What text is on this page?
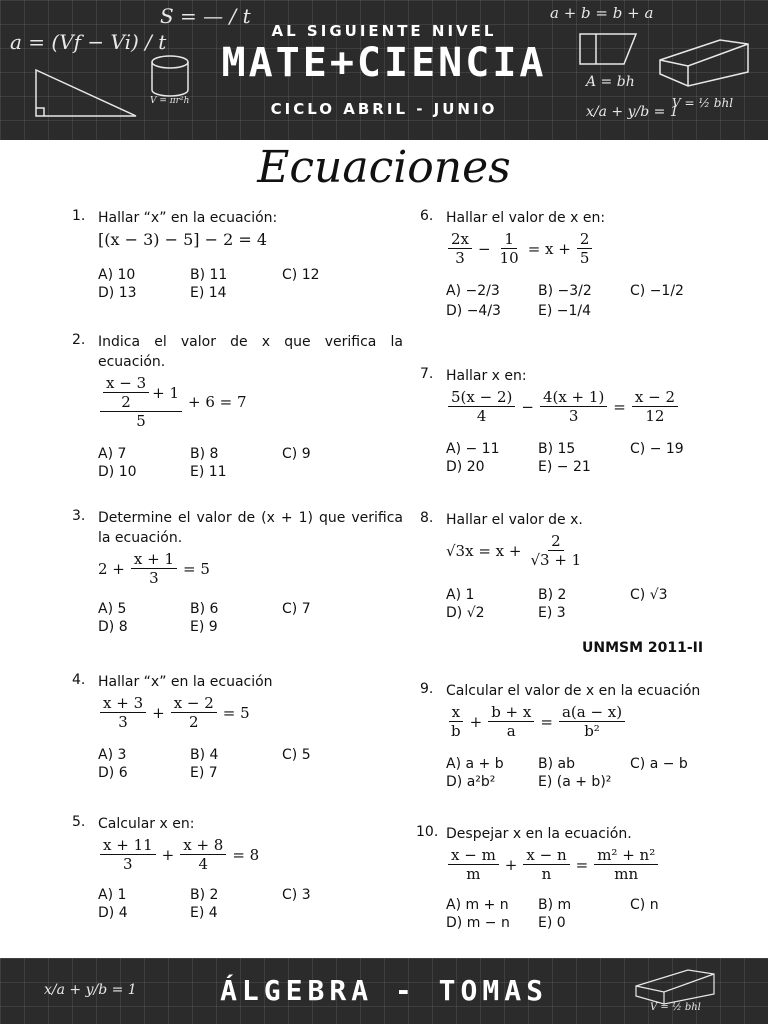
a = (Vf − Vi) / t
S = — / t	a + b = b + a
A = bh
x/a + y/b = 1
V = ½ bhl
V = πr²h
AL SIGUIENTE NIVEL
MATE+CIENCIA
CICLO ABRIL - JUNIO
Ecuaciones
1. Hallar “x” en la ecuación:
[(x − 3) − 5] − 2 = 4
A) 10	B) 11	C) 12
D) 13	E) 14
2. Indica el valor de x que verifica la ecuación.
$\frac{\frac{x - 3}{2} + 1}{5} + 6 = 7$
A) 7	B) 8	C) 9
D) 10	E) 11
3. Determine el valor de (x + 1) que verifica la ecuación.
$2 + \frac{x + 1}{3} = 5$
A) 5	B) 6	C) 7
D) 8	E) 9
4. Hallar “x” en la ecuación
$\frac{x + 3}{3} + \frac{x - 2}{2} = 5$
A) 3	B) 4	C) 5
D) 6	E) 7
5. Calcular x en:
$\frac{x + 11}{3} + \frac{x + 8}{4} = 8$
A) 1	B) 2	C) 3
D) 4	E) 4
6. Hallar el valor de x en:
$\frac{2x}{3} - \frac{1}{10} = x + \frac{2}{5}$
A) −2/3	B) −3/2	C) −1/2
D) −4/3	E) −1/4
7. Hallar x en:
$\frac{5(x - 2)}{4} - \frac{4(x + 1)}{3} = \frac{x - 2}{12}$
A) − 11	B) 15	C) − 19
D) 20	E) − 21
8. Hallar el valor de x.
$√3x = x + \frac{2}{√3 + 1}$
A) 1	B) 2	C) √3
D) √2	E) 3
UNMSM 2011-II
9. Calcular el valor de x en la ecuación
$\frac{x}{b} + \frac{b + x}{a} = \frac{a(a - x)}{\text{b²}}$
A) a + b	B) ab	C) a − b
D) a²b²	E) (a + b)²
10. Despejar x en la ecuación.
$\frac{x - m}{m} + \frac{x - n}{n} = \frac{\text{m² + n²}}{mn}$
A) m + n	B) m	C) n
D) m − n	E) 0
x/a + y/b = 1
V = ½ bhl
ÁLGEBRA - TOMAS
